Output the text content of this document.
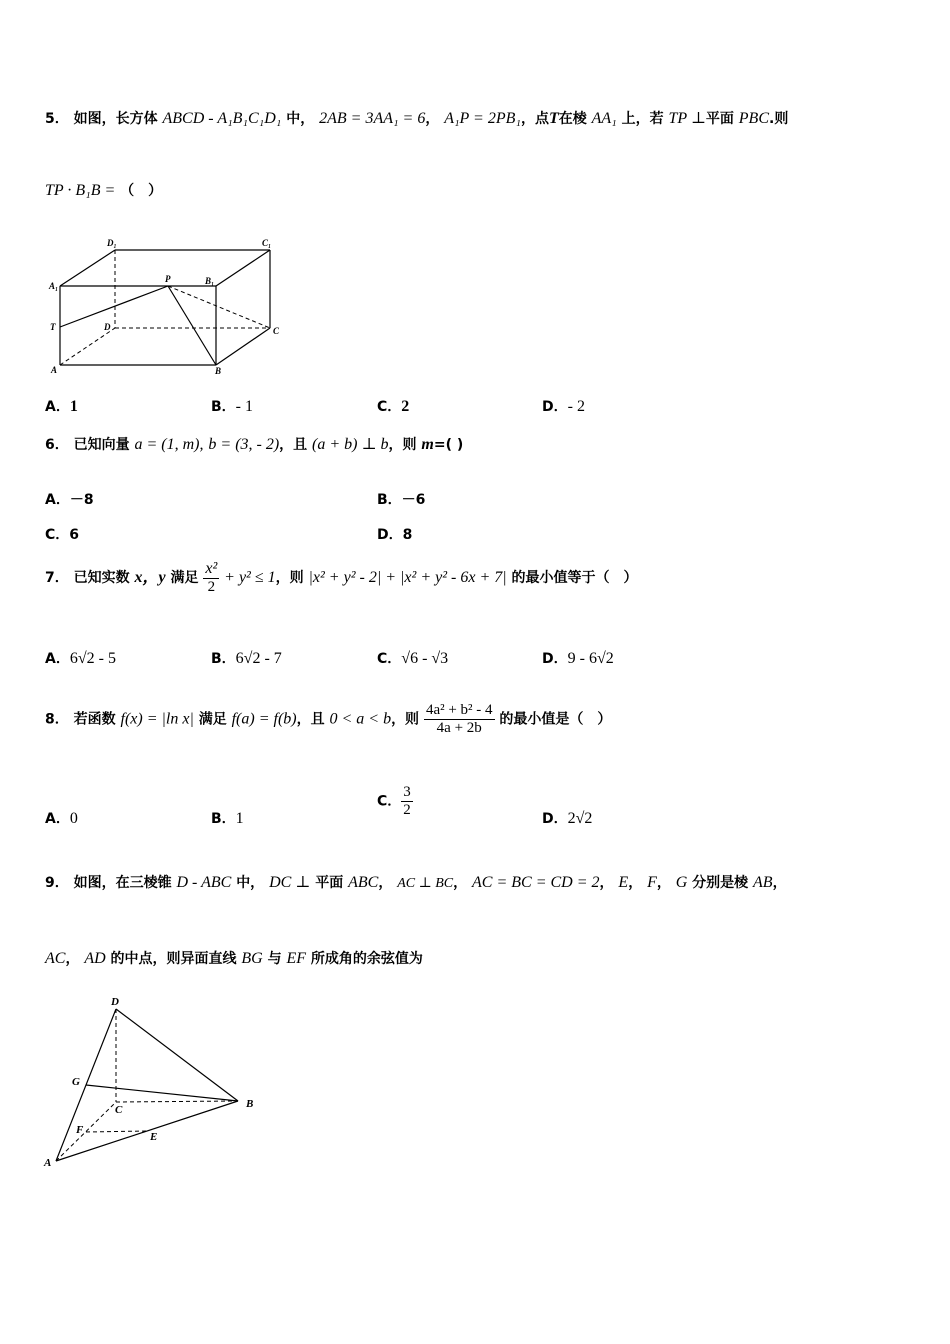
5． 如图，长方体 ABCD - A₁B₁C₁D₁ 中， 2AB = 3AA₁ = 6， A₁P = 2PB₁，点T在棱 AA₁ 上，若 TP ⊥平面 PBC.则
TP · B₁B = （　）
D₁	C₁
A₁
P	B₁
T	D	C
A	B
A．1	B．- 1	C．2	D．- 2
6． 已知向量 a = (1, m), b = (3, - 2)，且 (a + b) ⊥ b，则 m=( )
A．－8	B．－6
C．6	D．8
7． 已知实数 x，y 满足 $\frac{\text{x²}}{2} + y^2 \le 1$，则 |x² + y² - 2| + |x² + y² - 6x + 7| 的最小值等于（　）
A．6√2 - 5	B．6√2 - 7	C．√6 - √3	D．9 - 6√2
8． 若函数 f(x) = |ln x| 满足 f(a) = f(b)，且 0 < a < b，则 $\frac{\text{4a² + b² - 4}}{4a + 2b}$ 的最小值是（　）
A．0	B．1
C． $\frac{3}{2}$	D．2√2
9． 如图，在三棱锥 D - ABC 中， DC ⊥ 平面 ABC， AC ⊥ BC， AC = BC = CD = 2， E， F， G 分别是棱 AB，
AC， AD 的中点，则异面直线 BG 与 EF 所成角的余弦值为
D
G
C	B
F
E
A
